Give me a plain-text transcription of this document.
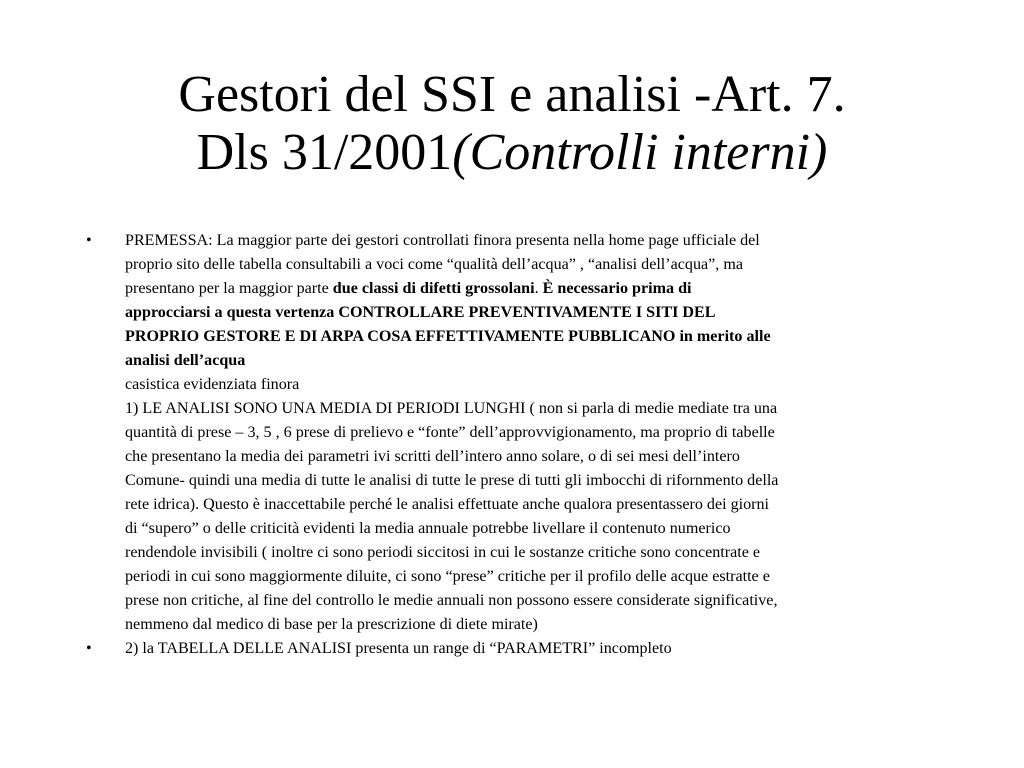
Gestori del SSI e analisi -Art. 7.
Dls 31/2001(Controlli interni)
• PREMESSA: La maggior parte dei gestori controllati finora presenta nella home page ufficiale del
proprio sito delle tabella consultabili a voci come “qualità dell’acqua” , “analisi dell’acqua”, ma
presentano per la maggior parte due classi di difetti grossolani. È necessario prima di
approcciarsi a questa vertenza CONTROLLARE PREVENTIVAMENTE I SITI DEL
PROPRIO GESTORE E DI ARPA COSA EFFETTIVAMENTE PUBBLICANO in merito alle
analisi dell’acqua
casistica evidenziata finora
1) LE ANALISI SONO UNA MEDIA DI PERIODI LUNGHI ( non si parla di medie mediate tra una
quantità di prese – 3, 5 , 6 prese di prelievo e “fonte” dell’approvvigionamento, ma proprio di tabelle
che presentano la media dei parametri ivi scritti dell’intero anno solare, o di sei mesi dell’intero
Comune- quindi una media di tutte le analisi di tutte le prese di tutti gli imbocchi di rifornmento della
rete idrica). Questo è inaccettabile perché le analisi effettuate anche qualora presentassero dei giorni
di “supero” o delle criticità evidenti la media annuale potrebbe livellare il contenuto numerico
rendendole invisibili ( inoltre ci sono periodi siccitosi in cui le sostanze critiche sono concentrate e
periodi in cui sono maggiormente diluite, ci sono “prese” critiche per il profilo delle acque estratte e
prese non critiche, al fine del controllo le medie annuali non possono essere considerate significative,
nemmeno dal medico di base per la prescrizione di diete mirate)
• 2) la TABELLA DELLE ANALISI presenta un range di “PARAMETRI” incompleto
